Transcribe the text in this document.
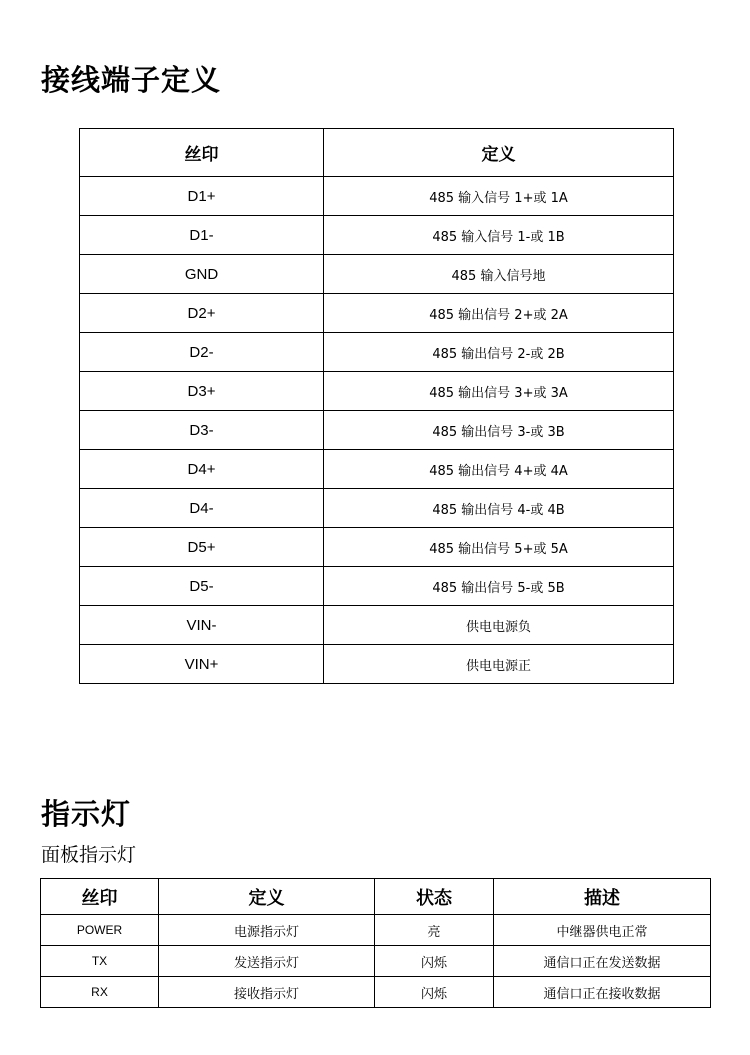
接线端子定义
丝印	定义
D1+	485 输入信号 1+或 1A
D1-	485 输入信号 1-或 1B
GND	485 输入信号地
D2+	485 输出信号 2+或 2A
D2-	485 输出信号 2-或 2B
D3+	485 输出信号 3+或 3A
D3-	485 输出信号 3-或 3B
D4+	485 输出信号 4+或 4A
D4-	485 输出信号 4-或 4B
D5+	485 输出信号 5+或 5A
D5-	485 输出信号 5-或 5B
VIN-	供电电源负
VIN+	供电电源正
指示灯
面板指示灯
丝印	定义	状态	描述
POWER	电源指示灯	亮	中继器供电正常
TX	发送指示灯	闪烁	通信口正在发送数据
RX	接收指示灯	闪烁	通信口正在接收数据
